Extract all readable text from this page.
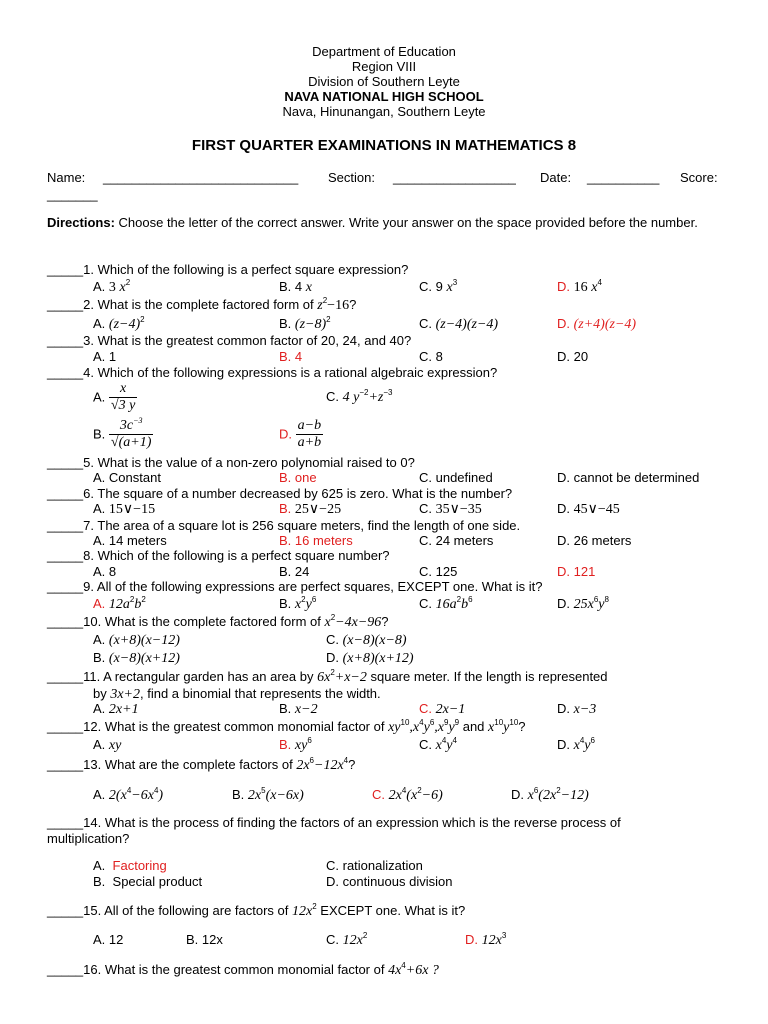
Department of Education
Region VIII
Division of Southern Leyte
NAVA NATIONAL HIGH SCHOOL
Nava, Hinunangan, Southern Leyte
FIRST QUARTER EXAMINATIONS IN MATHEMATICS 8
Name: ___________________________ Section: _________________ Date: __________ Score:
_______
Directions: Choose the letter of the correct answer. Write your answer on the space provided before the number.
_____1. Which of the following is a perfect square expression?
A. 3 $x^2$	B. 4 x	C. 9 $x^3$	D. 16 $x^4$
_____2. What is the complete factored form of $z^2-16$?
A. $(z-4)^2$	B. $(z-8)^2$	C. (z−4)(z−4)	D. (z+4)(z−4)
_____3. What is the greatest common factor of 20, 24, and 40?
A. 1	B. 4	C. 8	D. 20
_____4. Which of the following expressions is a rational algebraic expression?
A. $\frac{x}{√3 y}$	C. 4 $y^{-2}+z^{-3}$
B. $\frac{3c^{-3}}{√(a+1)}$	D. $\frac{a-b}{a+b}$
_____5. What is the value of a non-zero polynomial raised to 0?
A. Constant	B. one	C. undefined	D. cannot be determined
_____6. The square of a number decreased by 625 is zero. What is the number?
A. 15∨−15	B. 25∨−25	C. 35∨−35	D. 45∨−45
_____7. The area of a square lot is 256 square meters, find the length of one side.
A. 14 meters	B. 16 meters	C. 24 meters	D. 26 meters
_____8. Which of the following is a perfect square number?
A. 8	B. 24	C. 125	D. 121
_____9. All of the following expressions are perfect squares, EXCEPT one. What is it?
A. $12a^2b^2$	B. $x^2y^6$	C. $16a^2b^6$	D. $25x^6y^8$
_____10. What is the complete factored form of $x^2-4x-96$?
A. (x+8)(x−12)	C. (x−8)(x−8)
B. (x−8)(x+12)	D. (x+8)(x+12)
_____11. A rectangular garden has an area by $6x^2+x-2$ square meter. If the length is represented
by 3x+2, find a binomial that represents the width.
A. 2x+1	B. x−2	C. 2x−1	D. x−3
_____12. What is the greatest common monomial factor of $xy^{10},x^4y^6,x^9y^9$ and $x^{10}y^{10}$?
A. xy	B. $xy^6$	C. $x^4y^4$	D. $x^4y^6$
_____13. What are the complete factors of $2x^6-12x^4$?
A. $2(x^4-6x^4)$	B. $2x^5(x-6x)$	C. $2x^4(x^2-6)$	D. $x^6(2x^2-12)$
_____14. What is the process of finding the factors of an expression which is the reverse process of
multiplication?
A. Factoring	C. rationalization
B. Special product	D. continuous division
_____15. All of the following are factors of $12x^2$ EXCEPT one. What is it?
A. 12	B. 12x	C. $12x^2$	D. $12x^3$
_____16. What is the greatest common monomial factor of $4x^4+6x$ ?
